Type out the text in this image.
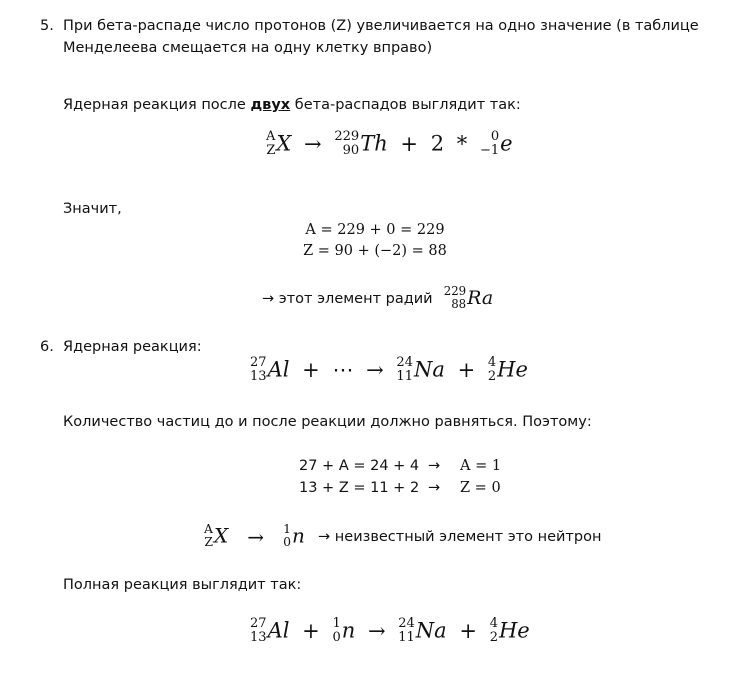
5. При бета-распаде число протонов (Z) увеличивается на одно значение (в таблице
Менделеева смещается на одну клетку вправо)
Ядерная реакция после двух бета-распадов выглядит так:
A
Z X → 229
90 Th + 2 *	0
−1 e
Значит,
A = 229 + 0 = 229
Z = 90 + (−2) = 88
→ этот элемент радий 229
88 Ra
6. Ядерная реакция:
27
13 Al + ⋯ → 24
11 Na + 4
2 He
Количество частиц до и после реакции должно равняться. Поэтому:
27 + A = 24 + 4 → A = 1
13 + Z = 11 + 2 → Z = 0
A
Z X → 1
0 n → неизвестный элемент это нейтрон
Полная реакция выглядит так:
27
13 Al + 1
0 n → 24
11 Na + 4
2 He
